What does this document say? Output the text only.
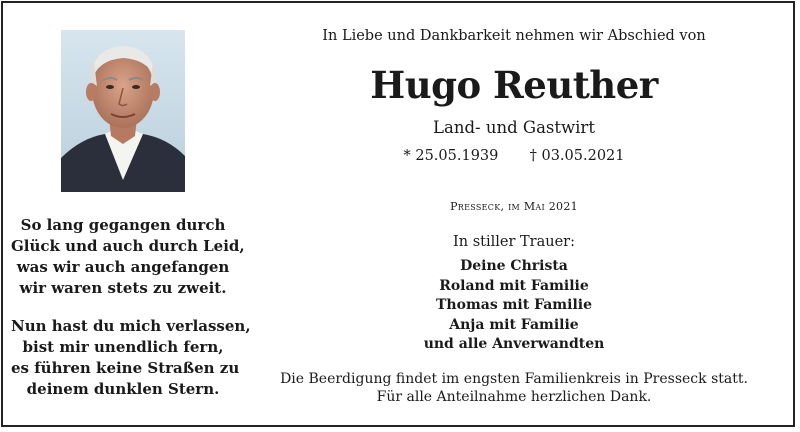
So lang gegangen durch
Glück und auch durch Leid,
was wir auch angefangen
wir waren stets zu zweit.
Nun hast du mich verlassen,
bist mir unendlich fern,
es führen keine Straßen zu
deinem dunklen Stern.
In Liebe und Dankbarkeit nehmen wir Abschied von
Hugo Reuther
Land- und Gastwirt
* 25.05.1939 † 03.05.2021
Presseck, im Mai 2021
In stiller Trauer:
Deine Christa
Roland mit Familie
Thomas mit Familie
Anja mit Familie
und alle Anverwandten
Die Beerdigung findet im engsten Familienkreis in Presseck statt.
Für alle Anteilnahme herzlichen Dank.
